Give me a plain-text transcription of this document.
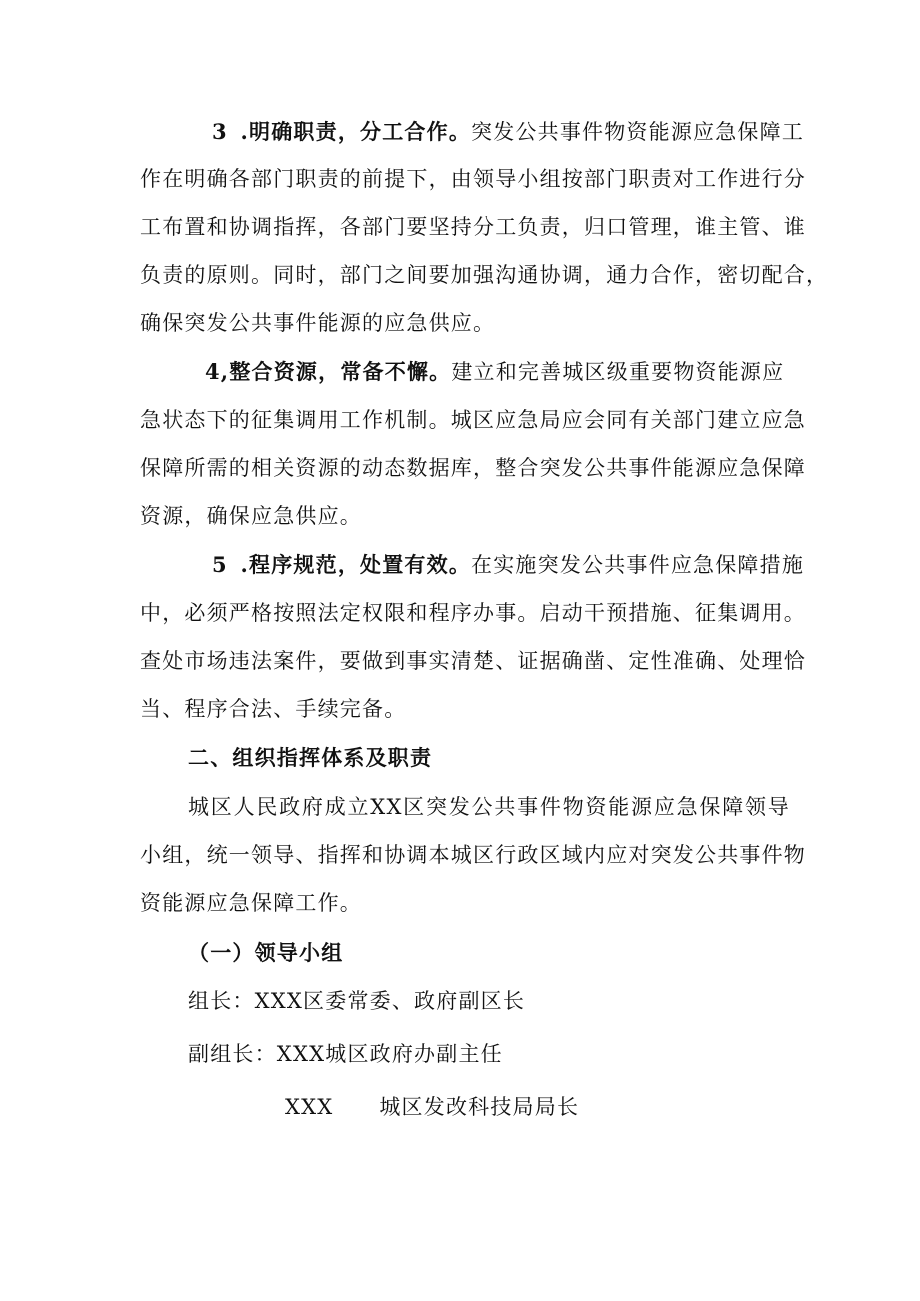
3 .明确职责，分工合作。突发公共事件物资能源应急保障工
作在明确各部门职责的前提下，由领导小组按部门职责对工作进行分
工布置和协调指挥，各部门要坚持分工负责，归口管理，谁主管、谁
负责的原则。同时，部门之间要加强沟通协调，通力合作，密切配合，
确保突发公共事件能源的应急供应。
4,整合资源，常备不懈。建立和完善城区级重要物资能源应
急状态下的征集调用工作机制。城区应急局应会同有关部门建立应急
保障所需的相关资源的动态数据库，整合突发公共事件能源应急保障
资源，确保应急供应。
5 .程序规范，处置有效。在实施突发公共事件应急保障措施
中，必须严格按照法定权限和程序办事。启动干预措施、征集调用。
查处市场违法案件，要做到事实清楚、证据确凿、定性准确、处理恰
当、程序合法、手续完备。
二、组织指挥体系及职责
城区人民政府成立XX区突发公共事件物资能源应急保障领导
小组，统一领导、指挥和协调本城区行政区域内应对突发公共事件物
资能源应急保障工作。
（一）领导小组
组长：XXX区委常委、政府副区长
副组长：XXX城区政府办副主任
XXX 城区发改科技局局长
